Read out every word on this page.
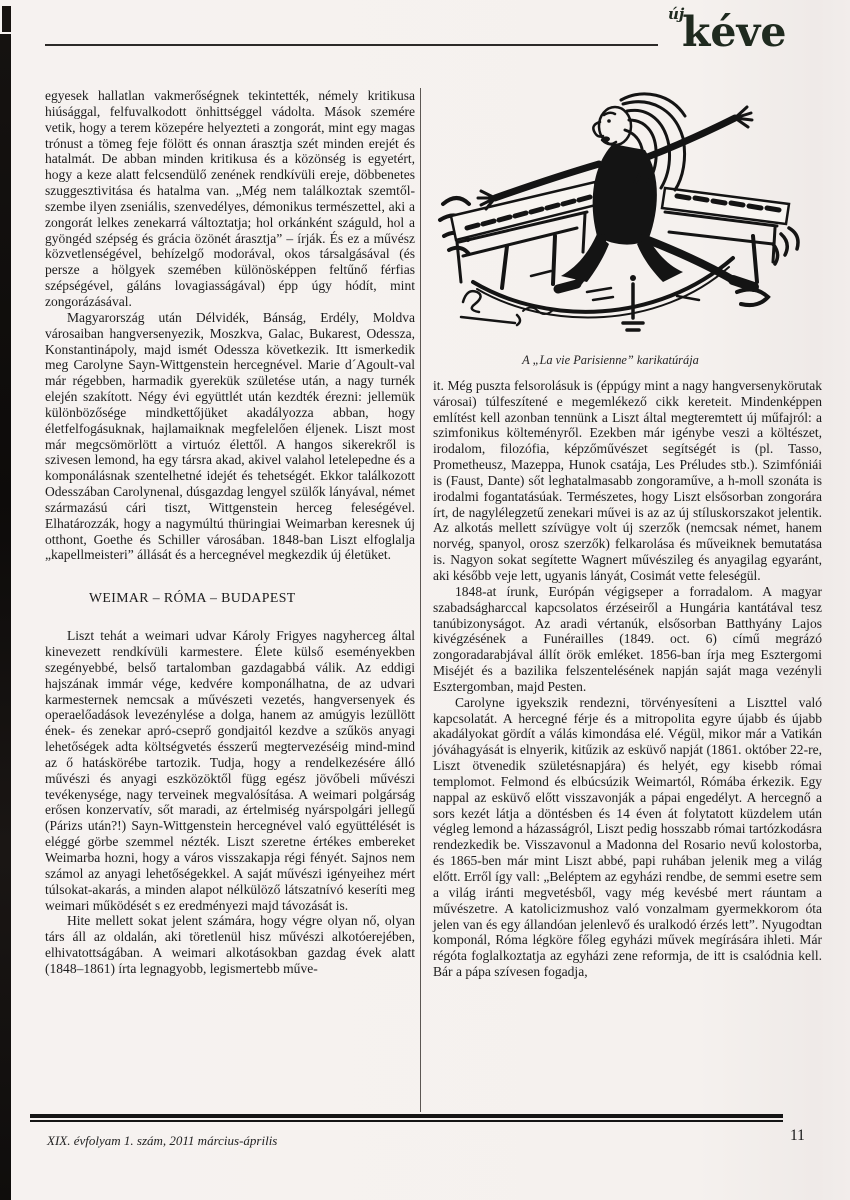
új
kéve

egyesek hallatlan vakmerőségnek tekintették, némely kritikusa hiúsággal, felfuvalkodott önhittséggel vádolta. Mások szemére vetik, hogy a terem közepére helyezteti a zongorát, mint egy magas trónust a tömeg feje fölött és onnan árasztja szét minden erejét és hatalmát. De abban minden kritikusa és a közönség is egyetért, hogy a keze alatt felcsendülő zenének rendkívüli ereje, döbbenetes szuggesztivitása és hatalma van. „Még nem találkoztak szemtől-szembe ilyen zseniális, szenvedélyes, démonikus természettel, aki a zongorát lelkes zenekarrá változtatja; hol orkánként száguld, hol a gyöngéd szépség és grácia özönét árasztja” – írják. És ez a művész közvetlenségével, behízelgő modorával, okos társalgásával (és persze a hölgyek szemében különösképpen feltűnő férfias szépségével, gáláns lovagiasságával) épp úgy hódít, mint zongorázásával.

Magyarország után Délvidék, Bánság, Erdély, Moldva városaiban hangversenyezik, Moszkva, Galac, Bukarest, Odessza, Konstantinápoly, majd ismét Odessza következik. Itt ismerkedik meg Carolyne Sayn-Wittgenstein hercegnével. Marie d´Agoult-val már régebben, harmadik gyerekük születése után, a nagy turnék elején szakított. Négy évi együttlét után kezdték érezni: jellemük különbözősége mindkettőjüket akadályozza abban, hogy életfelfogásuknak, hajlamaiknak megfelelően éljenek. Liszt most már megcsömörlött a virtuóz élettől. A hangos sikerekről is szivesen lemond, ha egy társra akad, akivel valahol letelepedne és a komponálásnak szentelhetné idejét és tehetségét. Ekkor találkozott Odesszában Carolynenal, dúsgazdag lengyel szülők lányával, német származású cári tiszt, Wittgenstein herceg feleségével. Elhatározzák, hogy a nagymúltú thüringiai Weimarban keresnek új otthont, Goethe és Schiller városában. 1848-ban Liszt elfoglalja „kapellmeisteri” állását és a hercegnével megkezdik új életüket.

WEIMAR – RÓMA – BUDAPEST

Liszt tehát a weimari udvar Károly Frigyes nagyherceg által kinevezett rendkívüli karmestere. Élete külső eseményekben szegényebbé, belső tartalomban gazdagabbá válik. Az eddigi hajszának immár vége, kedvére komponálhatna, de az udvari karmesternek nemcsak a művészeti vezetés, hangversenyek és operaelőadások levezénylése a dolga, hanem az amúgyis lezüllött ének- és zenekar apró-cseprő gondjaitól kezdve a szűkös anyagi lehetőségek adta költségvetés ésszerű megtervezéséig mind-mind az ő hatáskörébe tartozik. Tudja, hogy a rendelkezésére álló művészi és anyagi eszközöktől függ egész jövőbeli művészi tevékenysége, nagy terveinek megvalósítása. A weimari polgárság erősen konzervatív, sőt maradi, az értelmiség nyárspolgári jellegű (Párizs után?!) Sayn-Wittgenstein hercegnével való együttélését is eléggé görbe szemmel nézték. Liszt szeretne értékes embereket Weimarba hozni, hogy a város visszakapja régi fényét. Sajnos nem számol az anyagi lehetőségekkel. A saját művészi igényeihez mért túlsokat-akarás, a minden alapot nélkülöző látszatnívó keseríti meg weimari működését s ez eredményezi majd távozását is.

Hite mellett sokat jelent számára, hogy végre olyan nő, olyan társ áll az oldalán, aki töretlenül hisz művészi alkotóerejében, elhivatottságában. A weimari alkotásokban gazdag évek alatt (1848–1861) írta legnagyobb, legismertebb műve-

A „La vie Parisienne” karikatúrája

it. Még puszta felsorolásuk is (éppúgy mint a nagy hangversenykörutak városai) túlfeszítené e megemlékező cikk kereteit. Mindenképpen említést kell azonban tennünk a Liszt által megteremtett új műfajról: a szimfonikus költeményről. Ezekben már igénybe veszi a költészet, irodalom, filozófia, képzőművészet segítségét is (pl. Tasso, Prometheusz, Mazeppa, Hunok csatája, Les Préludes stb.). Szimfóniái is (Faust, Dante) sőt leghatalmasabb zongoraműve, a h-moll szonáta is irodalmi fogantatásúak. Természetes, hogy Liszt elsősorban zongorára írt, de nagylélegzetű zenekari művei is az az új stíluskorszakot jelentik. Az alkotás mellett szívügye volt új szerzők (nemcsak német, hanem norvég, spanyol, orosz szerzők) felkarolása és műveiknek bemutatása is. Nagyon sokat segítette Wagnert művészileg és anyagilag egyaránt, aki később veje lett, ugyanis lányát, Cosimát vette feleségül.

1848-at írunk, Európán végigseper a forradalom. A magyar szabadságharccal kapcsolatos érzéseiről a Hungária kantátával tesz tanúbizonyságot. Az aradi vértanúk, elsősorban Batthyány Lajos kivégzésének a Funérailles (1849. oct. 6) című megrázó zongoradarabjával állít örök emléket. 1856-ban írja meg Esztergomi Miséjét és a bazilika felszentelésének napján saját maga vezényli Esztergomban, majd Pesten.

Carolyne igyekszik rendezni, törvényesíteni a Liszttel való kapcsolatát. A hercegné férje és a mitropolita egyre újabb és újabb akadályokat gördít a válás kimondása elé. Végül, mikor már a Vatikán jóváhagyását is elnyerik, kitűzik az esküvő napját (1861. október 22-re, Liszt ötvenedik születésnapjára) és helyét, egy kisebb római templomot. Felmond és elbúcsúzik Weimartól, Rómába érkezik. Egy nappal az esküvő előtt visszavonják a pápai engedélyt. A hercegnő a sors kezét látja a döntésben és 14 éven át folytatott küzdelem után végleg lemond a házasságról, Liszt pedig hosszabb római tartózkodásra rendezkedik be. Visszavonul a Madonna del Rosario nevű kolostorba, és 1865-ben már mint Liszt abbé, papi ruhában jelenik meg a világ előtt. Erről így vall: „Beléptem az egyházi rendbe, de semmi esetre sem a világ iránti megvetésből, vagy még kevésbé mert ráuntam a művészetre. A katolicizmushoz való vonzalmam gyermekkorom óta jelen van és egy állandóan jelenlevő és uralkodó érzés lett”. Nyugodtan komponál, Róma légköre főleg egyházi művek megírására ihleti. Már régóta foglalkoztatja az egyházi zene reformja, de itt is csalódnia kell. Bár a pápa szívesen fogadja,

XIX. évfolyam 1. szám, 2011 március-április	11
